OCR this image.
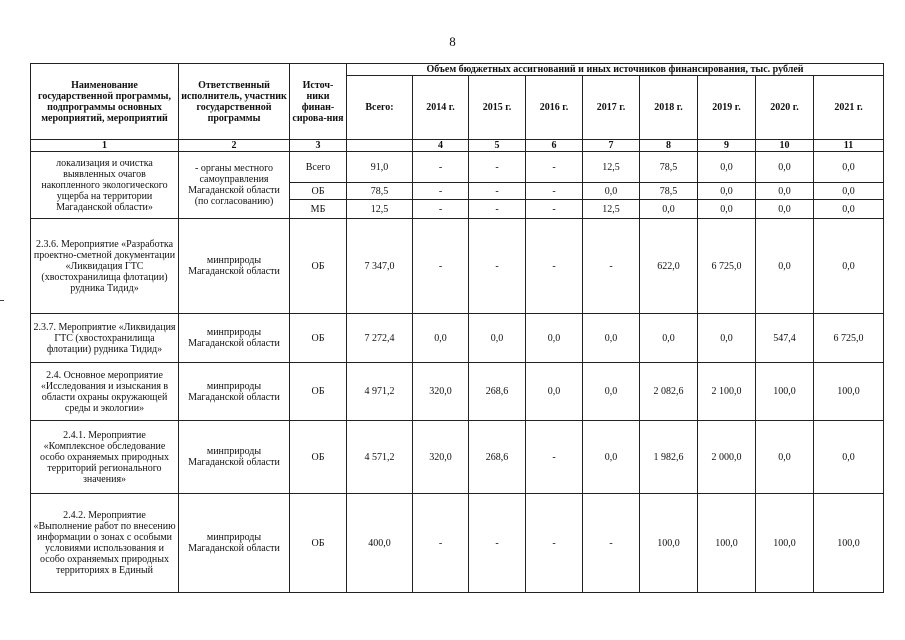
8
Наименование государственной программы, подпрограммы основных мероприятий, мероприятий	Ответственный исполнитель, участник государственной программы	Источ-ники финан-сирова-ния	Объем бюджетных ассигнований и иных источников финансирования, тыс. рублей								
			Всего:	2014 г.	2015 г.	2016 г.	2017 г.	2018 г.	2019 г.	2020 г.	2021 г.
1	2	3		4	5	6	7	8	9	10	11
локализация и очистка выявленных очагов накопленного экологического ущерба на территории Магаданской области»	- органы местного самоуправления Магаданской области (по согласованию)	Всего	91,0	-	-	-	12,5	78,5	0,0	0,0	0,0
		ОБ	78,5	-	-	-	0,0	78,5	0,0	0,0	0,0
		МБ	12,5	-	-	-	12,5	0,0	0,0	0,0	0,0
2.3.6. Мероприятие «Разработка проектно-сметной документации «Ликвидация ГТС (хвостохранилища флотации) рудника Тидид»	минприроды Магаданской области	ОБ	7 347,0	-	-	-	-	622,0	6 725,0	0,0	0,0
2.3.7. Мероприятие «Ликвидация ГТС (хвостохранилища флотации) рудника Тидид»	минприроды Магаданской области	ОБ	7 272,4	0,0	0,0	0,0	0,0	0,0	0,0	547,4	6 725,0
2.4. Основное мероприятие «Исследования и изыскания в области охраны окружающей среды и экологии»	минприроды Магаданской области	ОБ	4 971,2	320,0	268,6	0,0	0,0	2 082,6	2 100,0	100,0	100,0
2.4.1. Мероприятие «Комплексное обследование особо охраняемых природных территорий регионального значения»	минприроды Магаданской области	ОБ	4 571,2	320,0	268,6	-	0,0	1 982,6	2 000,0	0,0	0,0
2.4.2. Мероприятие «Выполнение работ по внесению информации о зонах с особыми условиями использования и особо охраняемых природных территориях в Единый	минприроды Магаданской области	ОБ	400,0	-	-	-	-	100,0	100,0	100,0	100,0
